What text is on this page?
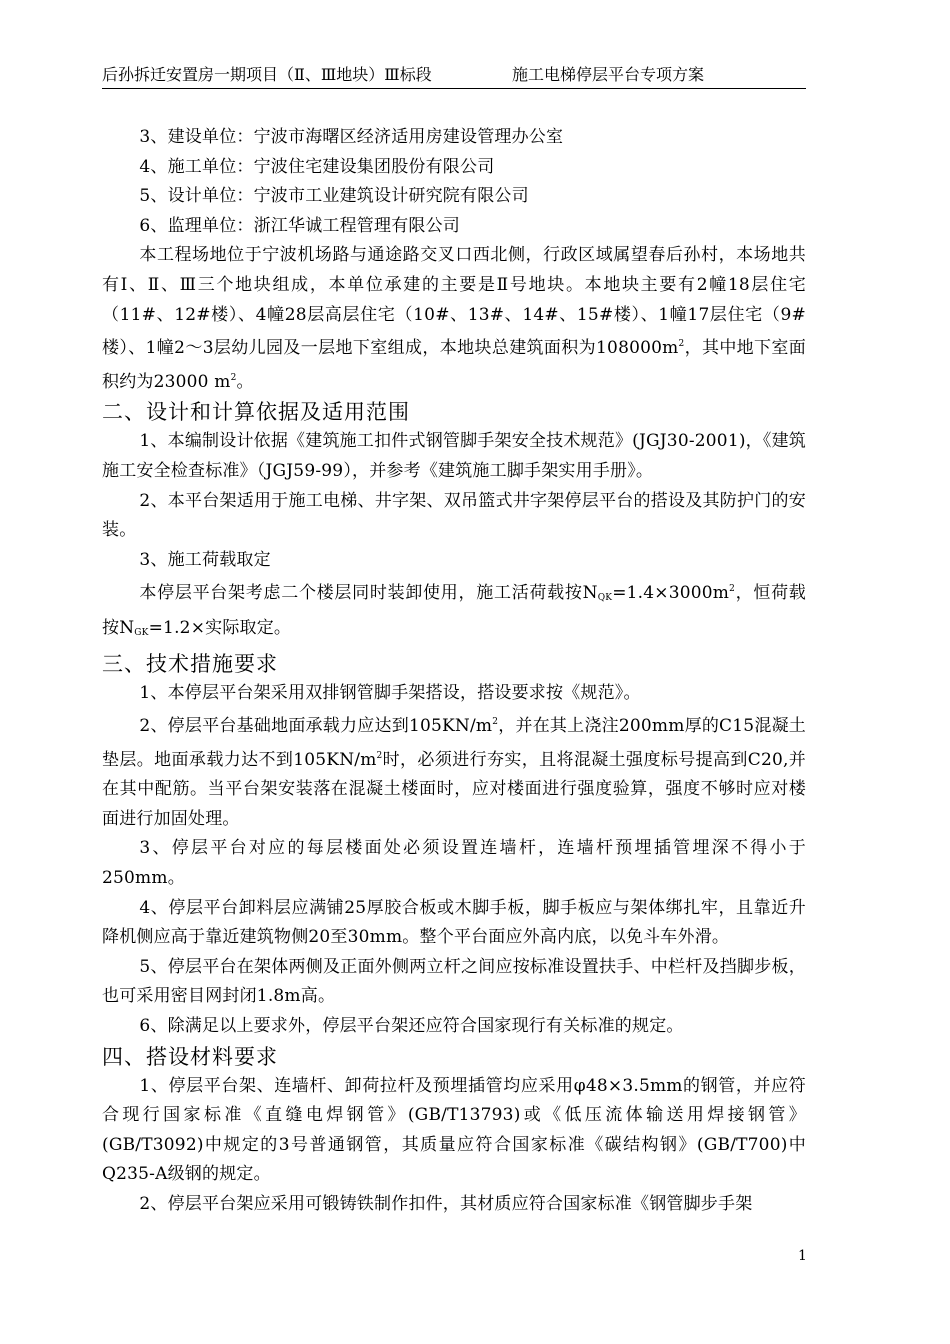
后孙拆迁安置房一期项目（Ⅱ、Ⅲ地块）Ⅲ标段	施工电梯停层平台专项方案

3、建设单位：宁波市海曙区经济适用房建设管理办公室

4、施工单位：宁波住宅建设集团股份有限公司

5、设计单位：宁波市工业建筑设计研究院有限公司

6、监理单位：浙江华诚工程管理有限公司

本工程场地位于宁波机场路与通途路交叉口西北侧，行政区域属望春后孙村，本场地共有Ⅰ、Ⅱ、Ⅲ三个地块组成，本单位承建的主要是Ⅱ号地块。本地块主要有2幢18层住宅（11#、12#楼）、4幢28层高层住宅（10#、13#、14#、15#楼）、1幢17层住宅（9#楼）、1幢2～3层幼儿园及一层地下室组成，本地块总建筑面积为$108000m^2$，其中地下室面积约为23000 $m^2$。

二、设计和计算依据及适用范围

1、本编制设计依据《建筑施工扣件式钢管脚手架安全技术规范》(JGJ30-2001)，《建筑施工安全检查标准》（JGJ59-99），并参考《建筑施工脚手架实用手册》。

2、本平台架适用于施工电梯、井字架、双吊篮式井字架停层平台的搭设及其防护门的安装。

3、施工荷载取定

本停层平台架考虑二个楼层同时装卸使用，施工活荷载按$N_{QK}=1.4\times 3000m^2$，恒荷载按$N_{GK}=1.2\times$实际取定。

三、技术措施要求

1、本停层平台架采用双排钢管脚手架搭设，搭设要求按《规范》。

2、停层平台基础地面承载力应达到$105KN/m^2$，并在其上浇注200mm厚的C15混凝土垫层。地面承载力达不到$105KN/m^2$时，必须进行夯实，且将混凝土强度标号提高到C20,并在其中配筋。当平台架安装落在混凝土楼面时，应对楼面进行强度验算，强度不够时应对楼面进行加固处理。

3、停层平台对应的每层楼面处必须设置连墙杆，连墙杆预埋插管埋深不得小于250mm。

4、停层平台卸料层应满铺25厚胶合板或木脚手板，脚手板应与架体绑扎牢，且靠近升降机侧应高于靠近建筑物侧20至30mm。整个平台面应外高内底，以免斗车外滑。

5、停层平台在架体两侧及正面外侧两立杆之间应按标准设置扶手、中栏杆及挡脚步板，也可采用密目网封闭1.8m高。

6、除满足以上要求外，停层平台架还应符合国家现行有关标准的规定。

四、搭设材料要求

1、停层平台架、连墙杆、卸荷拉杆及预埋插管均应采用φ48×3.5mm的钢管，并应符合现行国家标准《直缝电焊钢管》(GB/T13793)或《低压流体输送用焊接钢管》(GB/T3092)中规定的3号普通钢管，其质量应符合国家标准《碳结构钢》(GB/T700)中Q235-A级钢的规定。

2、停层平台架应采用可锻铸铁制作扣件，其材质应符合国家标准《钢管脚步手架

1
